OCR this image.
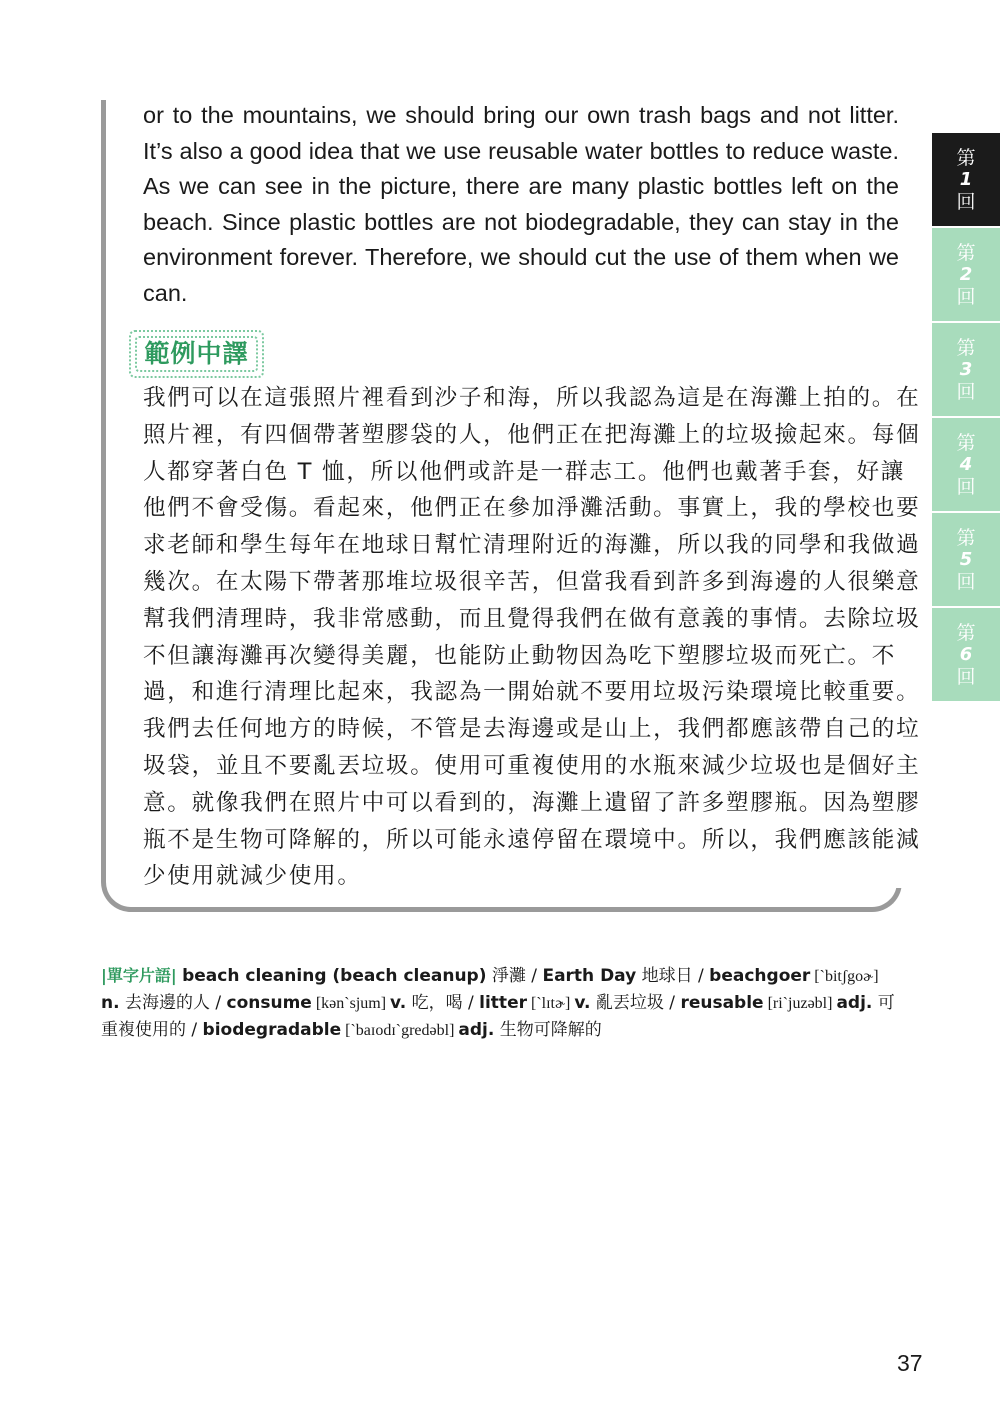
or to the mountains, we should bring our own trash bags and not litter. It’s also a good idea that we use reusable water bottles to reduce waste. As we can see in the picture, there are many plastic bottles left on the beach. Since plastic bottles are not biodegradable, they can stay in the environment forever. Therefore, we should cut the use of them when we can.

範例中譯
我們可以在這張照片裡看到沙子和海，所以我認為這是在海灘上拍的。在
照片裡，有四個帶著塑膠袋的人，他們正在把海灘上的垃圾撿起來。每個
人都穿著白色 T 恤，所以他們或許是一群志工。他們也戴著手套，好讓
他們不會受傷。看起來，他們正在參加淨灘活動。事實上，我的學校也要
求老師和學生每年在地球日幫忙清理附近的海灘，所以我的同學和我做過
幾次。在太陽下帶著那堆垃圾很辛苦，但當我看到許多到海邊的人很樂意
幫我們清理時，我非常感動，而且覺得我們在做有意義的事情。去除垃圾
不但讓海灘再次變得美麗，也能防止動物因為吃下塑膠垃圾而死亡。不
過，和進行清理比起來，我認為一開始就不要用垃圾污染環境比較重要。
我們去任何地方的時候，不管是去海邊或是山上，我們都應該帶自己的垃
圾袋，並且不要亂丟垃圾。使用可重複使用的水瓶來減少垃圾也是個好主
意。就像我們在照片中可以看到的，海灘上遺留了許多塑膠瓶。因為塑膠
瓶不是生物可降解的，所以可能永遠停留在環境中。所以，我們應該能減
少使用就減少使用。
|單字片語| beach cleaning (beach cleanup) 淨灘 / Earth Day 地球日 / beachgoer [ˋbitʃgoɚ] n. 去海邊的人 / consume [kənˋsjum] v. 吃，喝 / litter [ˋlɪtɚ] v. 亂丟垃圾 / reusable [riˋjuzəbl] adj. 可重複使用的 / biodegradable [ˋbaɪodɪˋgredəbl] adj. 生物可降解的
第
1
回
第
2
回
第
3
回
第
4
回
第
5
回
第
6
回
37
